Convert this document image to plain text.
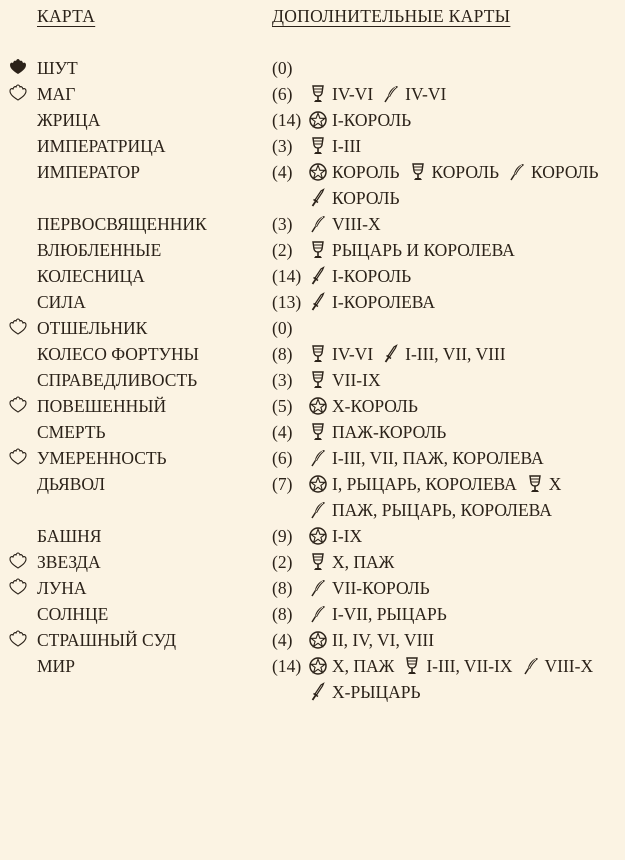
КАРТА	ДОПОЛНИТЕЛЬНЫЕ КАРТЫ
ШУТ	(0)
МАГ	(6) IV-VI IV-VI
ЖРИЦА	(14) I-КОРОЛЬ
ИМПЕРАТРИЦА	(3) I-III
ИМПЕРАТОР	(4) КОРОЛЬ КОРОЛЬ КОРОЛЬ
КОРОЛЬ
ПЕРВОСВЯЩЕННИК	(3) VIII-X
ВЛЮБЛЕННЫЕ	(2) РЫЦАРЬ И КОРОЛЕВА
КОЛЕСНИЦА	(14) I-КОРОЛЬ
СИЛА	(13) I-КОРОЛЕВА
ОТШЕЛЬНИК	(0)
КОЛЕСО ФОРТУНЫ	(8) IV-VI I-III, VII, VIII
СПРАВЕДЛИВОСТЬ	(3) VII-IX
ПОВЕШЕННЫЙ	(5) X-КОРОЛЬ
СМЕРТЬ	(4) ПАЖ-КОРОЛЬ
УМЕРЕННОСТЬ	(6) I-III, VII, ПАЖ, КОРОЛЕВА
ДЬЯВОЛ	(7) I, РЫЦАРЬ, КОРОЛЕВА X
ПАЖ, РЫЦАРЬ, КОРОЛЕВА
БАШНЯ	(9) I-IX
ЗВЕЗДА	(2) X, ПАЖ
ЛУНА	(8) VII-КОРОЛЬ
СОЛНЦЕ	(8) I-VII, РЫЦАРЬ
СТРАШНЫЙ СУД	(4) II, IV, VI, VIII
МИР	(14) X, ПАЖ I-III, VII-IX VIII-X
X-РЫЦАРЬ
